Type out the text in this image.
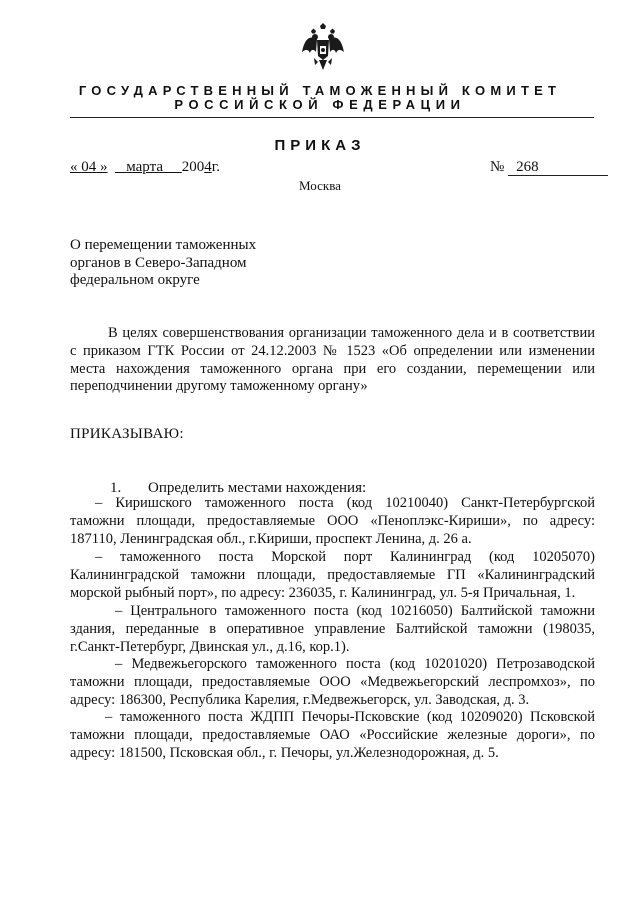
ГОСУДАРСТВЕННЫЙ ТАМОЖЕННЫЙ КОМИТЕТ
РОССИЙСКОЙ ФЕДЕРАЦИИ
ПРИКАЗ
« 04 » марта 2004г.	№ 268
Москва
О перемещении таможенных органов в Северо-Западном федеральном округе
В целях совершенствования организации таможенного дела и в соответствии с приказом ГТК России от 24.12.2003 № 1523 «Об определении или изменении места нахождения таможенного органа при его создании, перемещении или переподчинении другому таможенному органу»
ПРИКАЗЫВАЮ:
1. Определить местами нахождения:
– Киришского таможенного поста (код 10210040) Санкт-Петербургской таможни площади, предоставляемые ООО «Пеноплэкс-Кириши», по адресу: 187110, Ленинградская обл., г.Кириши, проспект Ленина, д. 26 а.
– таможенного поста Морской порт Калининград (код 10205070) Калининградской таможни площади, предоставляемые ГП «Калининградский морской рыбный порт», по адресу: 236035, г. Калининград, ул. 5-я Причальная, 1.
– Центрального таможенного поста (код 10216050) Балтийской таможни здания, переданные в оперативное управление Балтийской таможни (198035, г.Санкт-Петербург, Двинская ул., д.16, кор.1).
– Медвежьегорского таможенного поста (код 10201020) Петрозаводской таможни площади, предоставляемые ООО «Медвежьегорский леспромхоз», по адресу: 186300, Республика Карелия, г.Медвежьегорск, ул. Заводская, д. 3.
– таможенного поста ЖДПП Печоры-Псковские (код 10209020) Псковской таможни площади, предоставляемые ОАО «Российские железные дороги», по адресу: 181500, Псковская обл., г. Печоры, ул.Железнодорожная, д. 5.
